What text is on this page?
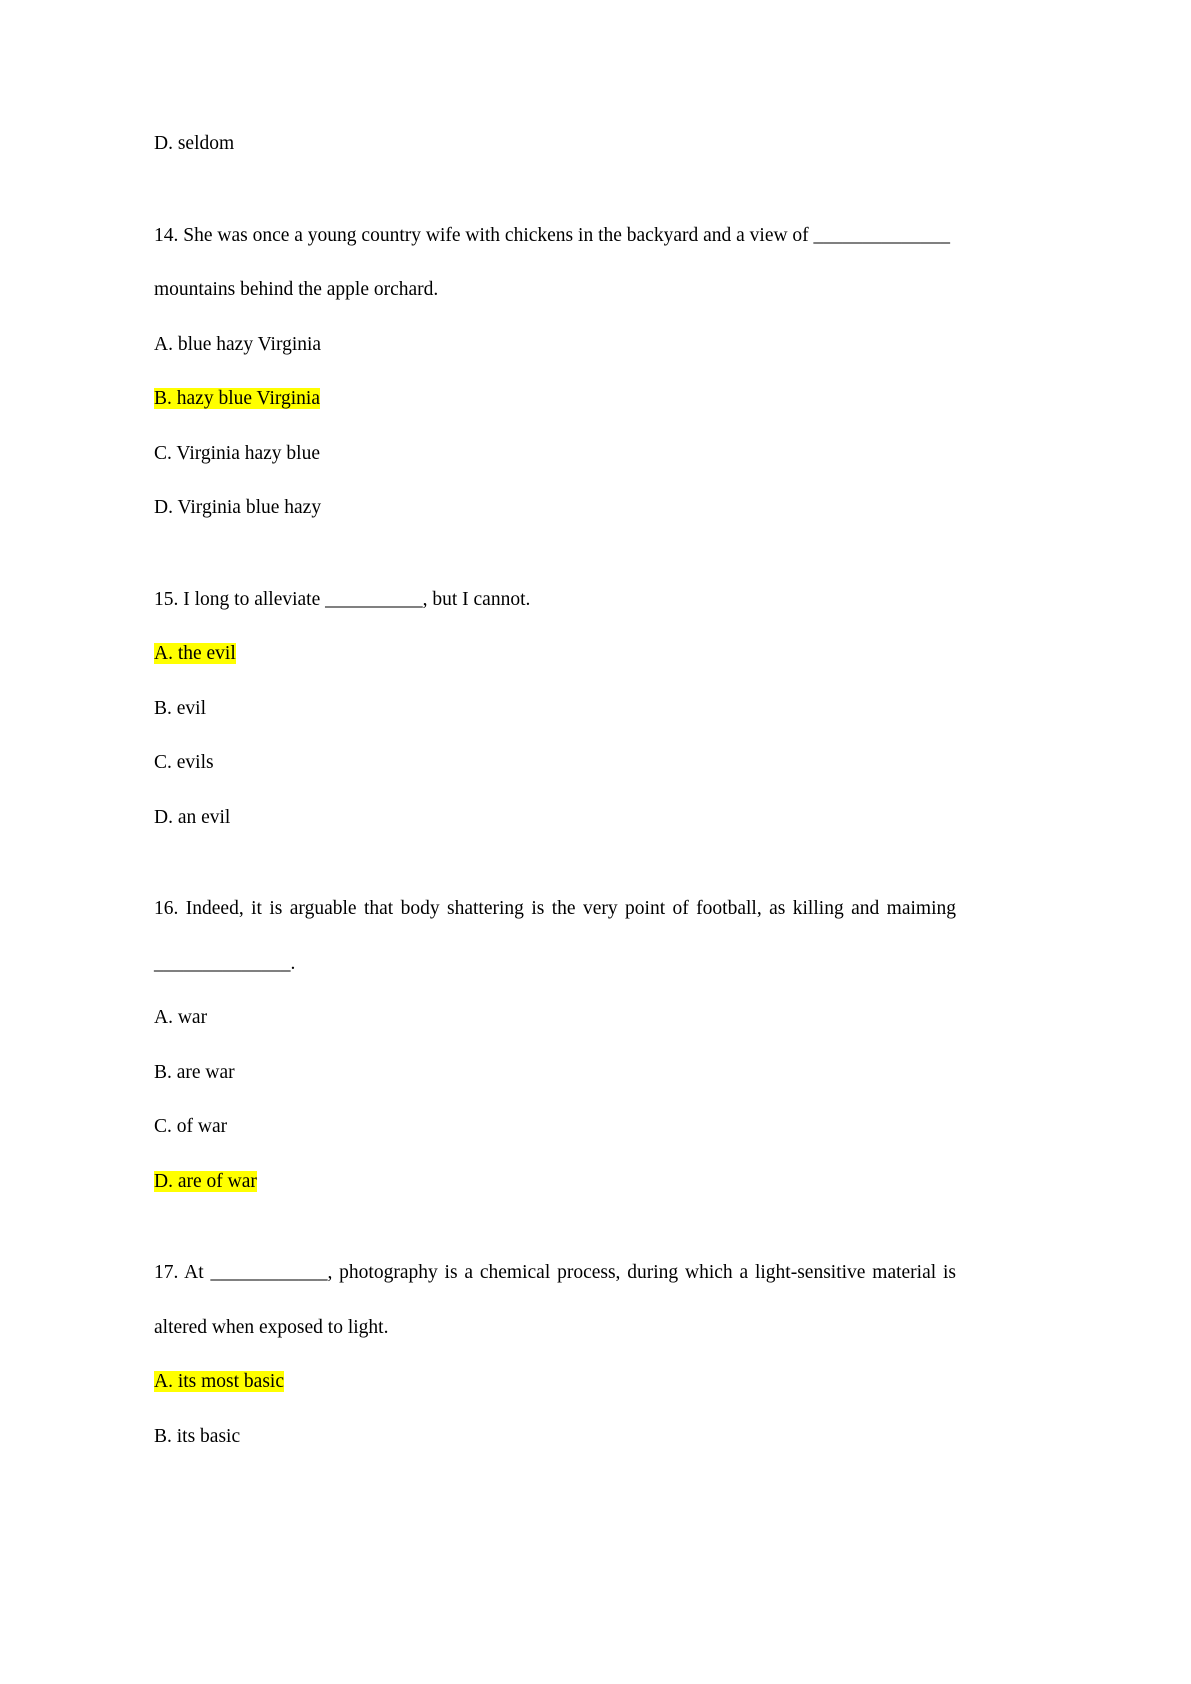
D. seldom
14. She was once a young country wife with chickens in the backyard and a view of ______________
mountains behind the apple orchard.
A. blue hazy Virginia
B. hazy blue Virginia
C. Virginia hazy blue
D. Virginia blue hazy
15. I long to alleviate __________, but I cannot.
A. the evil
B. evil
C. evils
D. an evil
16. Indeed, it is arguable that body shattering is the very point of football, as killing and maiming
______________.
A. war
B. are war
C. of war
D. are of war
17. At ____________, photography is a chemical process, during which a light-sensitive material is
altered when exposed to light.
A. its most basic
B. its basic
